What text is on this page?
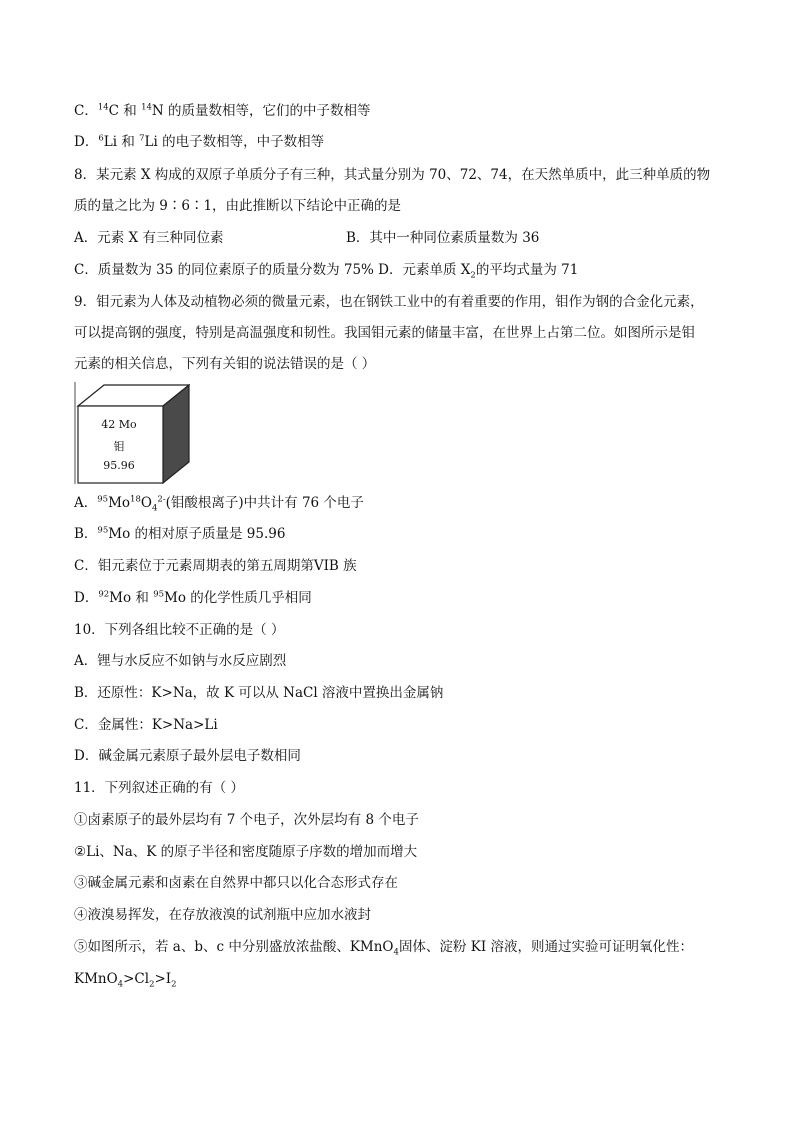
C．$^{14}$C 和 $^{14}$N 的质量数相等，它们的中子数相等
D．$^6$Li 和 $^7$Li 的电子数相等，中子数相等
8．某元素 X 构成的双原子单质分子有三种，其式量分别为 70、72、74，在天然单质中，此三种单质的物
质的量之比为 9∶6∶1，由此推断以下结论中正确的是
A．元素 X 有三种同位素	B．其中一种同位素质量数为 36
C．质量数为 35 的同位素原子的质量分数为 75% D．元素单质 $X_2$的平均式量为 71
9．钼元素为人体及动植物必须的微量元素，也在钢铁工业中的有着重要的作用，钼作为钢的合金化元素，
可以提高钢的强度，特别是高温强度和韧性。我国钼元素的储量丰富，在世界上占第二位。如图所示是钼
元素的相关信息，下列有关钼的说法错误的是（ ）
42 Mo
钼
95.96
A．$^{95}Mo^{18}O_4^{2-}$(钼酸根离子)中共计有 76 个电子
B．$^{95}$Mo 的相对原子质量是 95.96
C．钼元素位于元素周期表的第五周期第VIB 族
D．$^{92}$Mo 和 $^{95}$Mo 的化学性质几乎相同
10．下列各组比较不正确的是（ ）
A．锂与水反应不如钠与水反应剧烈
B．还原性：K>Na，故 K 可以从 NaCl 溶液中置换出金属钠
C．金属性：K>Na>Li
D．碱金属元素原子最外层电子数相同
11．下列叙述正确的有（ ）
①卤素原子的最外层均有 7 个电子，次外层均有 8 个电子
②Li、Na、K 的原子半径和密度随原子序数的增加而增大
③碱金属元素和卤素在自然界中都只以化合态形式存在
④液溴易挥发，在存放液溴的试剂瓶中应加水液封
⑤如图所示，若 a、b、c 中分别盛放浓盐酸、KMnO$_4$固体、淀粉 KI 溶液，则通过实验可证明氧化性：
$KMnO_4>Cl_2>I_2$
